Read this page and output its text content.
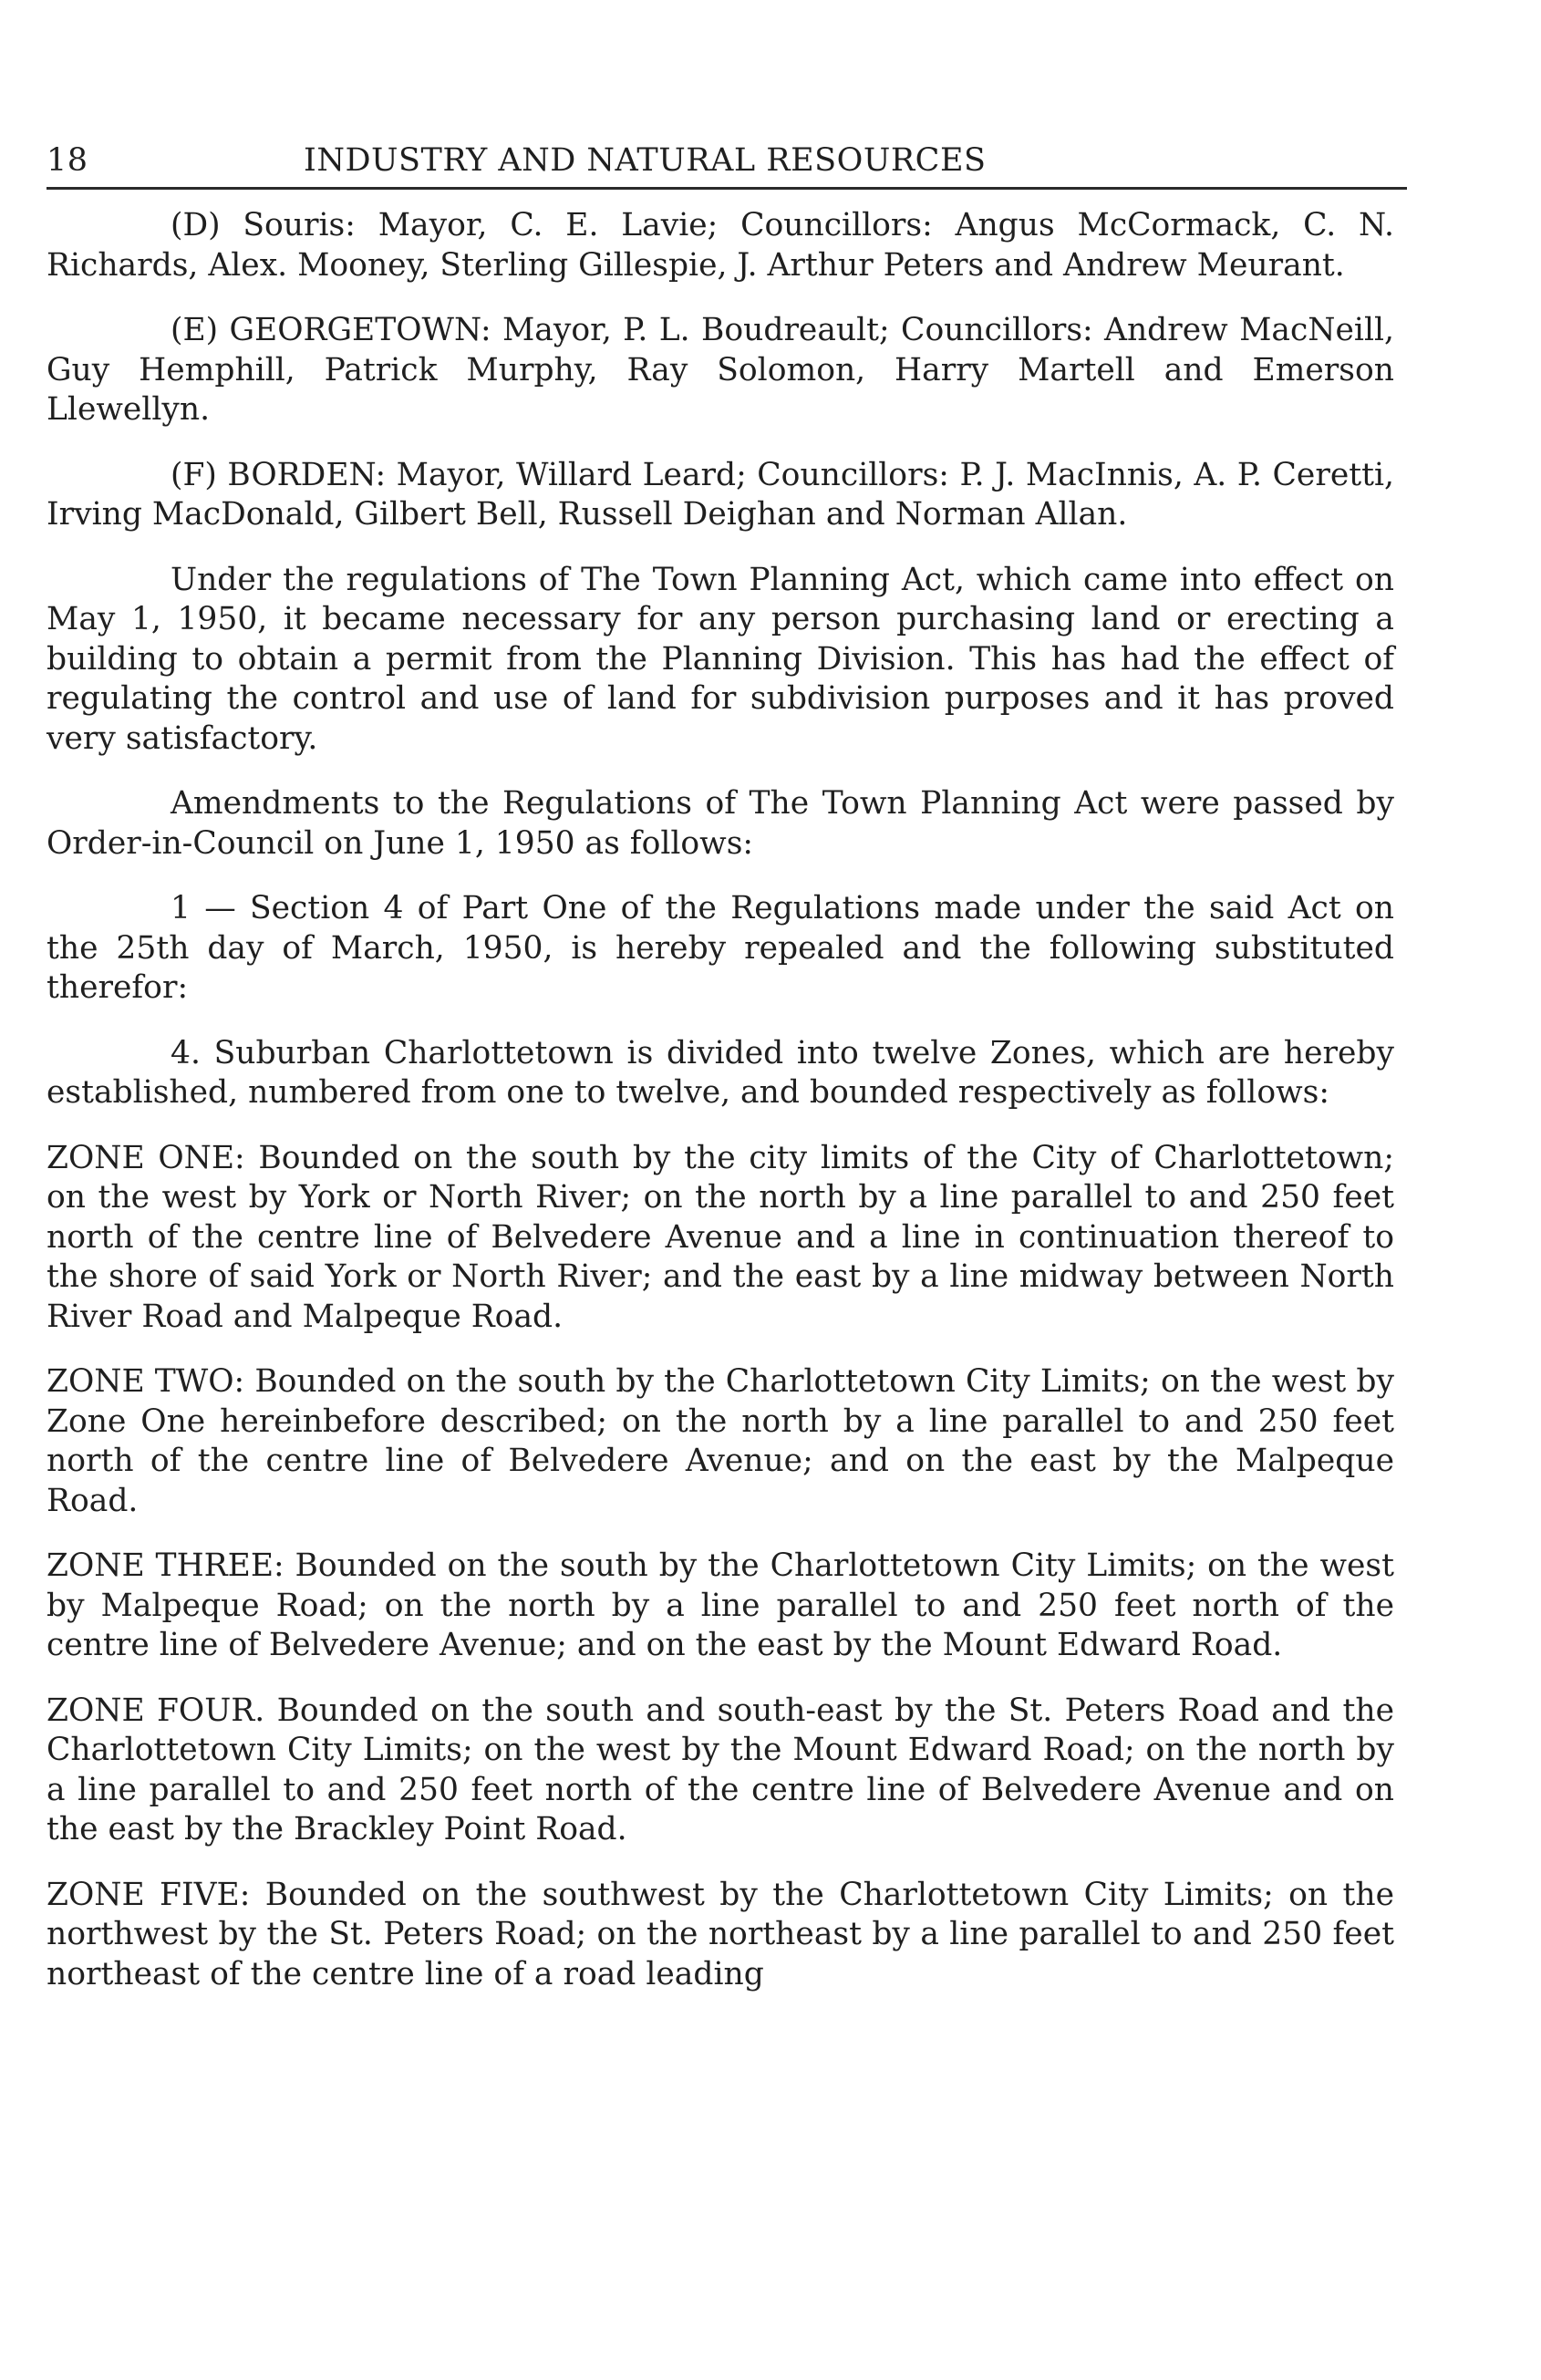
18	INDUSTRY AND NATURAL RESOURCES

(D) Souris: Mayor, C. E. Lavie; Councillors: Angus McCormack, C. N. Richards, Alex. Mooney, Sterling Gillespie, J. Arthur Peters and Andrew Meurant.

(E) GEORGETOWN: Mayor, P. L. Boudreault; Councillors: Andrew MacNeill, Guy Hemphill, Patrick Murphy, Ray Solomon, Harry Martell and Emerson Llewellyn.

(F) BORDEN: Mayor, Willard Leard; Councillors: P. J. MacInnis, A. P. Ceretti, Irving MacDonald, Gilbert Bell, Russell Deighan and Norman Allan.

Under the regulations of The Town Planning Act, which came into effect on May 1, 1950, it became necessary for any person purchasing land or erecting a building to obtain a permit from the Planning Division. This has had the effect of regulating the control and use of land for subdivision purposes and it has proved very satisfactory.

Amendments to the Regulations of The Town Planning Act were passed by Order-in-Council on June 1, 1950 as follows:

1 — Section 4 of Part One of the Regulations made under the said Act on the 25th day of March, 1950, is hereby repealed and the following substituted therefor:

4. Suburban Charlottetown is divided into twelve Zones, which are hereby established, numbered from one to twelve, and bounded respectively as follows:

ZONE ONE: Bounded on the south by the city limits of the City of Charlottetown; on the west by York or North River; on the north by a line parallel to and 250 feet north of the centre line of Belvedere Avenue and a line in continuation thereof to the shore of said York or North River; and the east by a line midway between North River Road and Malpeque Road.

ZONE TWO: Bounded on the south by the Charlottetown City Limits; on the west by Zone One hereinbefore described; on the north by a line parallel to and 250 feet north of the centre line of Belvedere Avenue; and on the east by the Malpeque Road.

ZONE THREE: Bounded on the south by the Charlottetown City Limits; on the west by Malpeque Road; on the north by a line parallel to and 250 feet north of the centre line of Belvedere Avenue; and on the east by the Mount Edward Road.

ZONE FOUR. Bounded on the south and south-east by the St. Peters Road and the Charlottetown City Limits; on the west by the Mount Edward Road; on the north by a line parallel to and 250 feet north of the centre line of Belvedere Avenue and on the east by the Brackley Point Road.

ZONE FIVE: Bounded on the southwest by the Charlottetown City Limits; on the northwest by the St. Peters Road; on the northeast by a line parallel to and 250 feet northeast of the centre line of a road leading
